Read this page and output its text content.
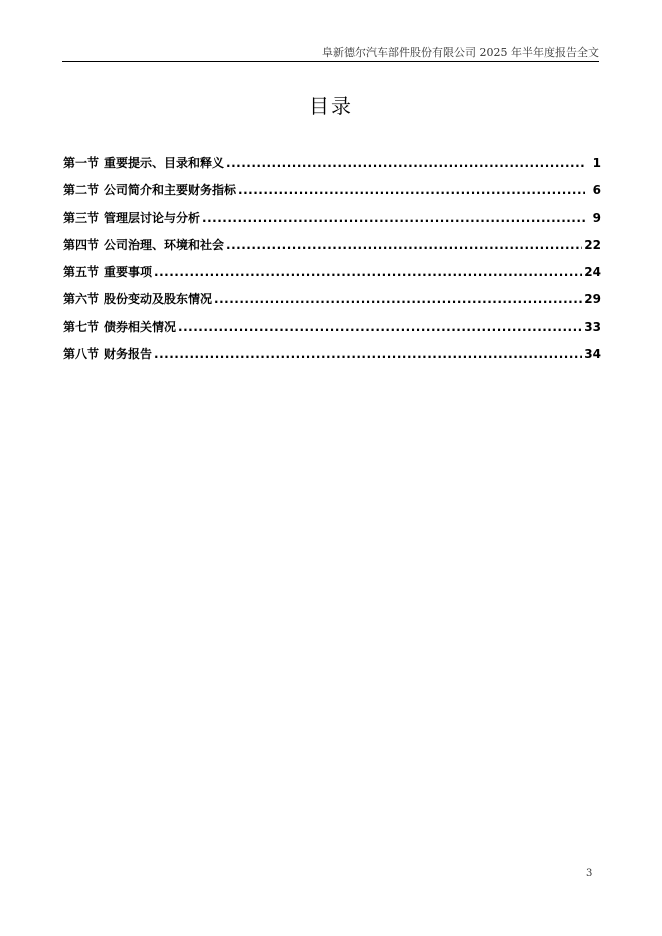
阜新德尔汽车部件股份有限公司 2025 年半年度报告全文
目录
第一节 重要提示、目录和释义 .....	1
第二节 公司简介和主要财务指标 .....	6
第三节 管理层讨论与分析 .....	9
第四节 公司治理、环境和社会 .....	22
第五节 重要事项 .....	24
第六节 股份变动及股东情况 .....	29
第七节 债券相关情况 .....	33
第八节 财务报告 .....	34
3
